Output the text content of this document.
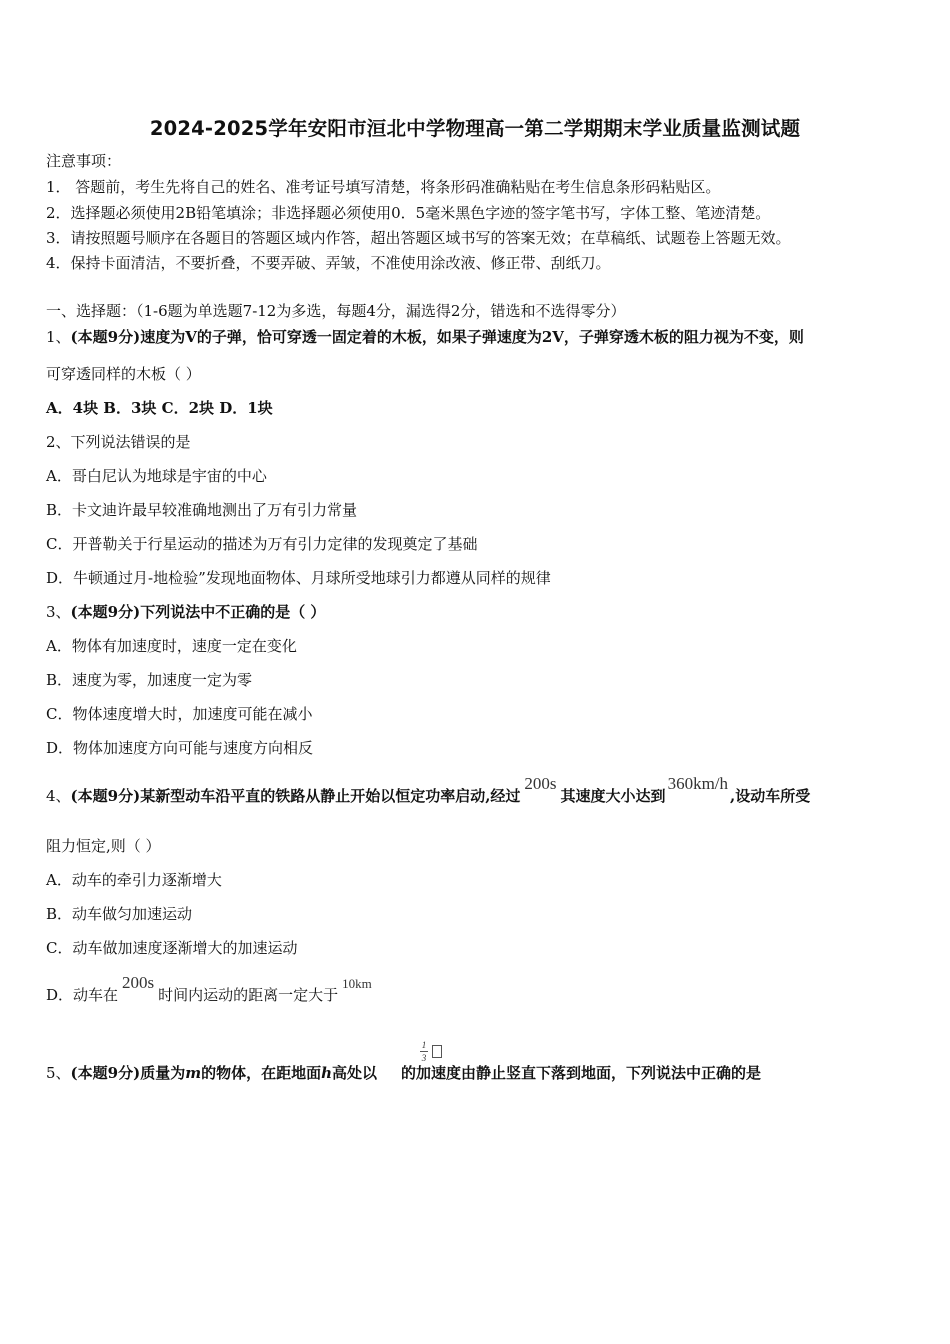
2024-2025学年安阳市洹北中学物理高一第二学期期末学业质量监测试题
注意事项：
1． 答题前，考生先将自己的姓名、准考证号填写清楚，将条形码准确粘贴在考生信息条形码粘贴区。
2．选择题必须使用2B铅笔填涂；非选择题必须使用0．5毫米黑色字迹的签字笔书写，字体工整、笔迹清楚。
3．请按照题号顺序在各题目的答题区域内作答，超出答题区域书写的答案无效；在草稿纸、试题卷上答题无效。
4．保持卡面清洁，不要折叠，不要弄破、弄皱，不准使用涂改液、修正带、刮纸刀。
一、选择题：（1-6题为单选题7-12为多选，每题4分，漏选得2分，错选和不选得零分）
1、(本题9分)速度为V的子弹，恰可穿透一固定着的木板，如果子弹速度为2V，子弹穿透木板的阻力视为不变，则
可穿透同样的木板（ ）
A．4块 B．3块 C．2块 D．1块
2、下列说法错误的是
A．哥白尼认为地球是宇宙的中心
B．卡文迪许最早较准确地测出了万有引力常量
C．开普勒关于行星运动的描述为万有引力定律的发现奠定了基础
D．牛顿通过月-地检验”发现地面物体、月球所受地球引力都遵从同样的规律
3、(本题9分)下列说法中不正确的是（ ）
A．物体有加速度时，速度一定在变化
B．速度为零，加速度一定为零
C．物体速度增大时，加速度可能在减小
D．物体加速度方向可能与速度方向相反
4、(本题9分)某新型动车沿平直的铁路从静止开始以恒定功率启动,经过200s其速度大小达到360km/h,设动车所受
阻力恒定,则（ ）
A．动车的牵引力逐渐增大
B．动车做匀加速运动
C．动车做加速度逐渐增大的加速运动
D．动车在200s时间内运动的距离一定大于10km
5、(本题9分)质量为m的物体，在距地面h高处以 的加速度由静止竖直下落到地面，下列说法中正确的是
1
3
